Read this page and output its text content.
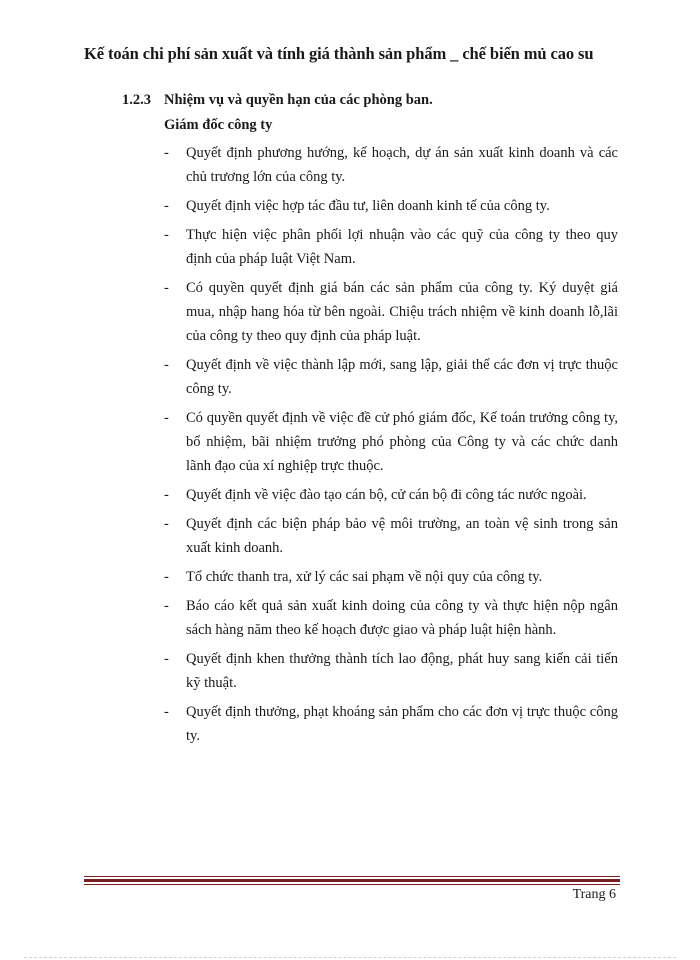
Kế toán chi phí sản xuất và tính giá thành sản phẩm _ chế biến mủ cao su
1.2.3 Nhiệm vụ và quyền hạn của các phòng ban.
Giám đốc công ty
- Quyết định phương hướng, kế hoạch, dự án sản xuất kinh doanh và các chủ trương lớn của công ty.
- Quyết định việc hợp tác đầu tư, liên doanh kinh tế của công ty.
- Thực hiện việc phân phối lợi nhuận vào các quỹ của công ty theo quy định của pháp luật Việt Nam.
- Có quyền quyết định giá bán các sản phẩm của công ty. Ký duyệt giá mua, nhập hang hóa từ bên ngoài. Chiệu trách nhiệm về kinh doanh lỗ,lãi của công ty theo quy định của pháp luật.
- Quyết định về việc thành lập mới, sang lập, giải thể các đơn vị trực thuộc công ty.
- Có quyền quyết định về việc đề cử phó giám đốc, Kế toán trưởng công ty, bổ nhiệm, bãi nhiệm trưởng phó phòng của Công ty và các chức danh lãnh đạo của xí nghiệp trực thuộc.
- Quyết định về việc đào tạo cán bộ, cử cán bộ đi công tác nước ngoài.
- Quyết định các biện pháp bảo vệ môi trường, an toàn vệ sinh trong sản xuất kinh doanh.
- Tổ chức thanh tra, xử lý các sai phạm về nội quy của công ty.
- Báo cáo kết quả sản xuất kinh doing của công ty và thực hiện nộp ngân sách hàng năm theo kế hoạch được giao và pháp luật hiện hành.
- Quyết định khen thưởng thành tích lao động, phát huy sang kiến cải tiến kỹ thuật.
- Quyết định thưởng, phạt khoáng sản phẩm cho các đơn vị trực thuộc công ty.
Trang 6
